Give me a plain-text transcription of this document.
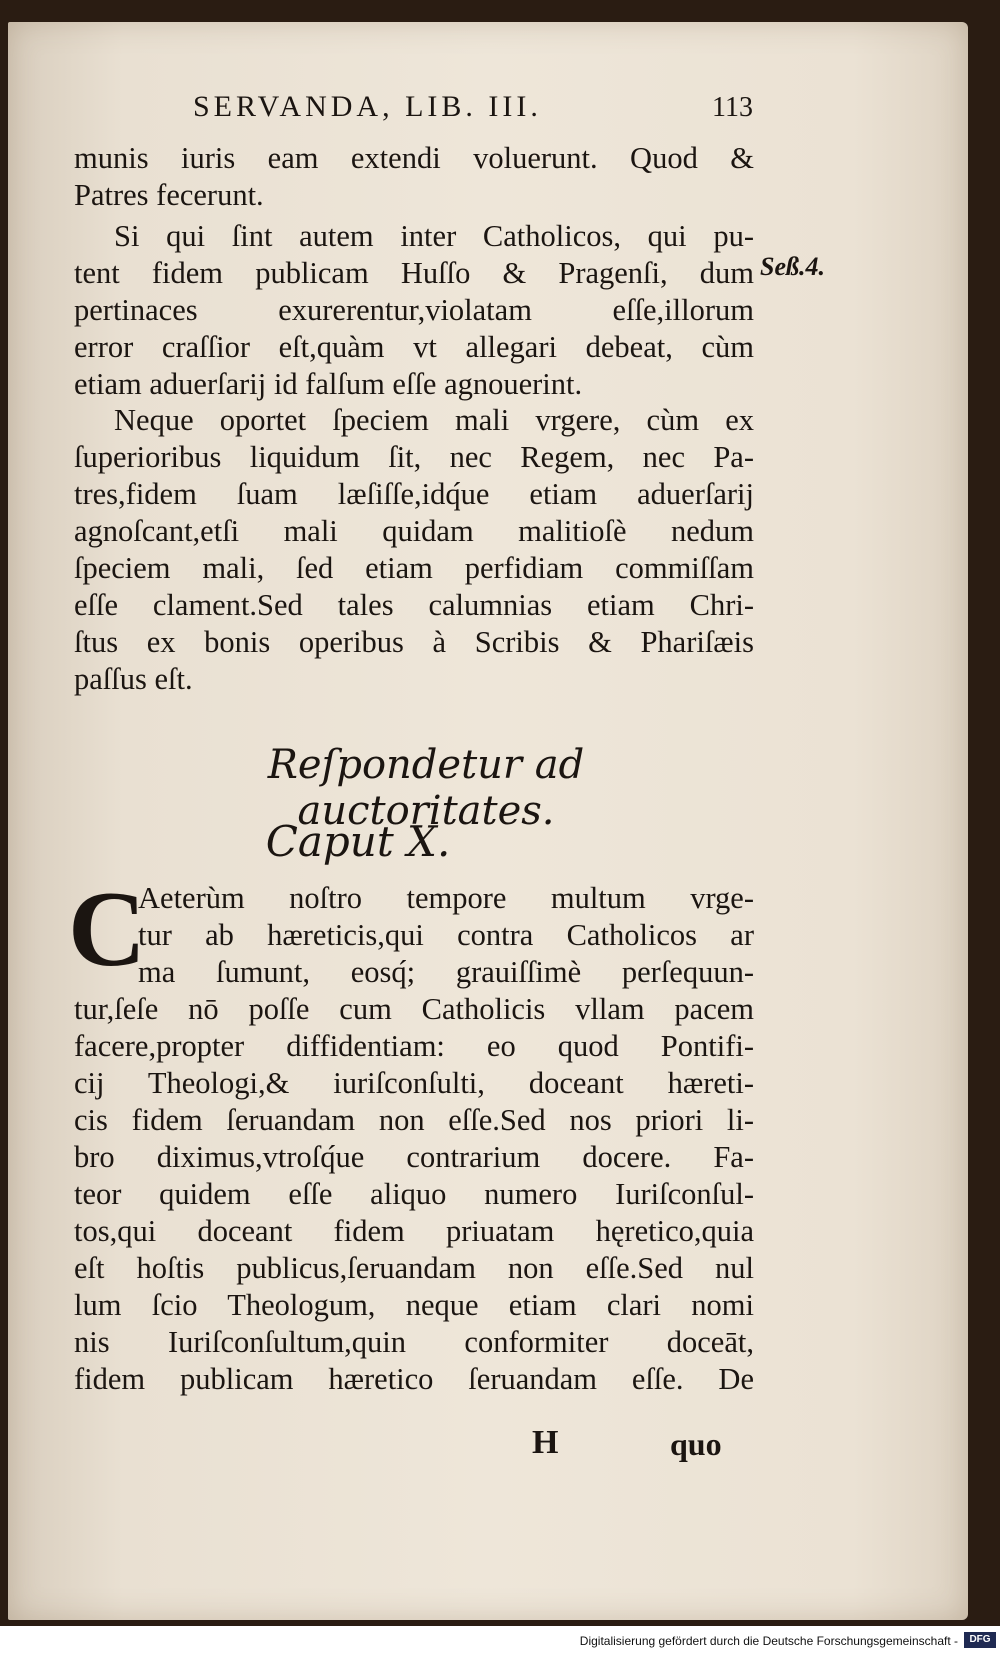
SERVANDA, LIB. III.	113
Seß.4.
munis iuris eam extendi voluerunt. Quod &
Patres fecerunt.
Si qui ſint autem inter Catholicos, qui pu-
tent fidem publicam Huſſo & Pragenſi, dum
pertinaces exurerentur,violatam eſſe,illorum
error craſſior eſt,quàm vt allegari debeat, cùm
etiam aduerſarij id falſum eſſe agnouerint.
Neque oportet ſpeciem mali vrgere, cùm ex
ſuperioribus liquidum ſit, nec Regem, nec Pa-
tres,fidem ſuam læſiſſe,idq́ue etiam aduerſarij
agnoſcant,etſi mali quidam malitioſè nedum
ſpeciem mali, ſed etiam perfidiam commiſſam
eſſe clament.Sed tales calumnias etiam Chri-
ſtus ex bonis operibus à Scribis & Phariſæis
paſſus eſt.
Reſpondetur ad auctoritates.
Caput X.
C
Aeterùm noſtro tempore multum vrge-
tur ab hæreticis,qui contra Catholicos ar
ma ſumunt, eosq́; grauiſſimè perſequun-
tur,ſeſe nō poſſe cum Catholicis vllam pacem
facere,propter diffidentiam: eo quod Pontifi-
cij Theologi,& iuriſconſulti, doceant hæreti-
cis fidem ſeruandam non eſſe.Sed nos priori li-
bro diximus,vtroſq́ue contrarium docere. Fa-
teor quidem eſſe aliquo numero Iuriſconſul-
tos,qui doceant fidem priuatam hęretico,quia
eſt hoſtis publicus,ſeruandam non eſſe.Sed nul
lum ſcio Theologum, neque etiam clari nomi
nis Iuriſconſultum,quin conformiter doceāt,
fidem publicam hæretico ſeruandam eſſe. De
H	quo
Digitalisierung gefördert durch die Deutsche Forschungsgemeinschaft -	DFG
